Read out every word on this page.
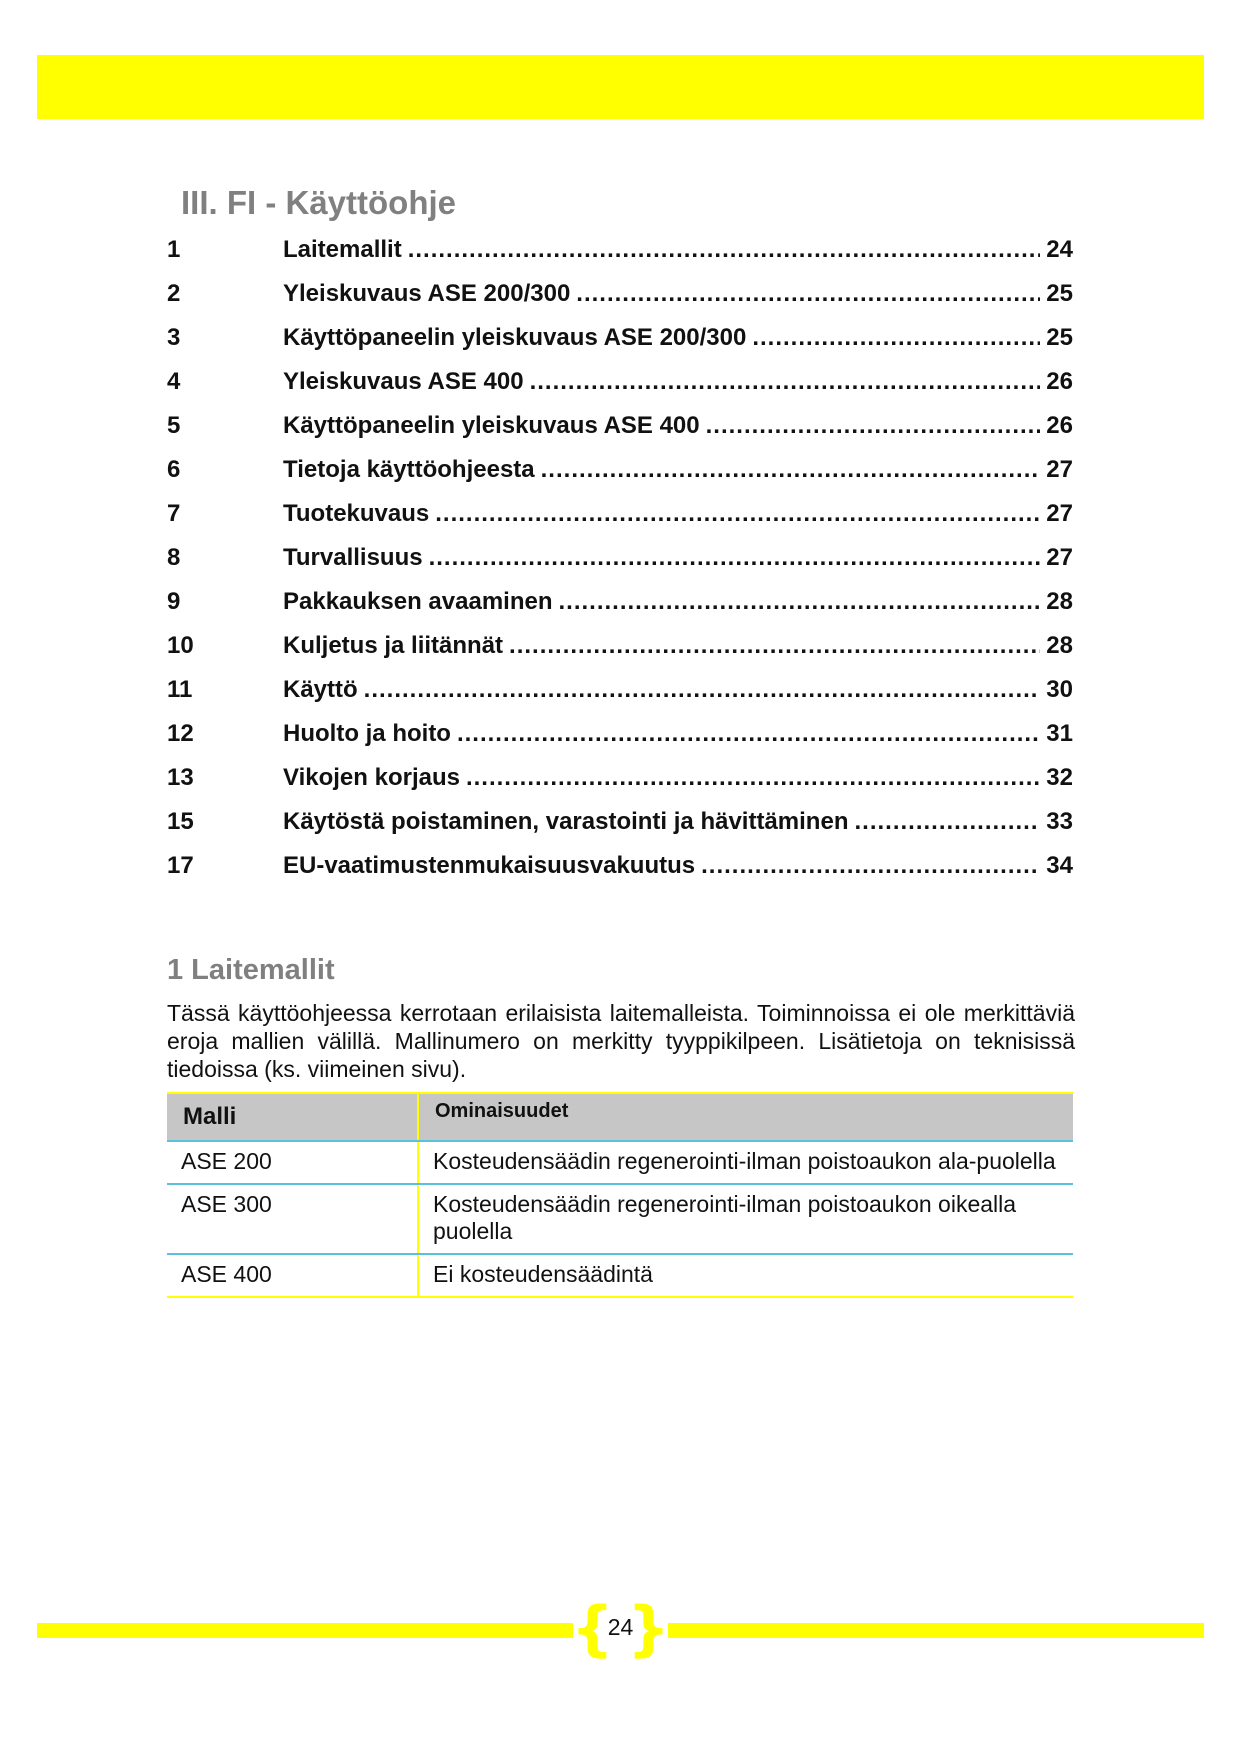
III. FI - Käyttöohje
1	Laitemallit .....	24
2	Yleiskuvaus ASE 200/300 .....	25
3	Käyttöpaneelin yleiskuvaus ASE 200/300 .....	25
4	Yleiskuvaus ASE 400 .....	26
5	Käyttöpaneelin yleiskuvaus ASE 400 .....	26
6	Tietoja käyttöohjeesta .....	27
7	Tuotekuvaus .....	27
8	Turvallisuus .....	27
9	Pakkauksen avaaminen .....	28
10	Kuljetus ja liitännät .....	28
11	Käyttö .....	30
12	Huolto ja hoito .....	31
13	Vikojen korjaus .....	32
15	Käytöstä poistaminen, varastointi ja hävittäminen .....	33
17	EU-vaatimustenmukaisuusvakuutus .....	34
1 Laitemallit

Tässä käyttöohjeessa kerrotaan erilaisista laitemalleista. Toiminnoissa ei ole merkittäviä eroja mallien välillä. Mallinumero on merkitty tyyppikilpeen. Lisätietoja on teknisissä tiedoissa (ks. viimeinen sivu).

Malli	Ominaisuudet
ASE 200	Kosteudensäädin regenerointi-ilman poistoaukon ala-puolella
ASE 300	Kosteudensäädin regenerointi-ilman poistoaukon oikealla puolella
ASE 400	Ei kosteudensäädintä
{
24
}
